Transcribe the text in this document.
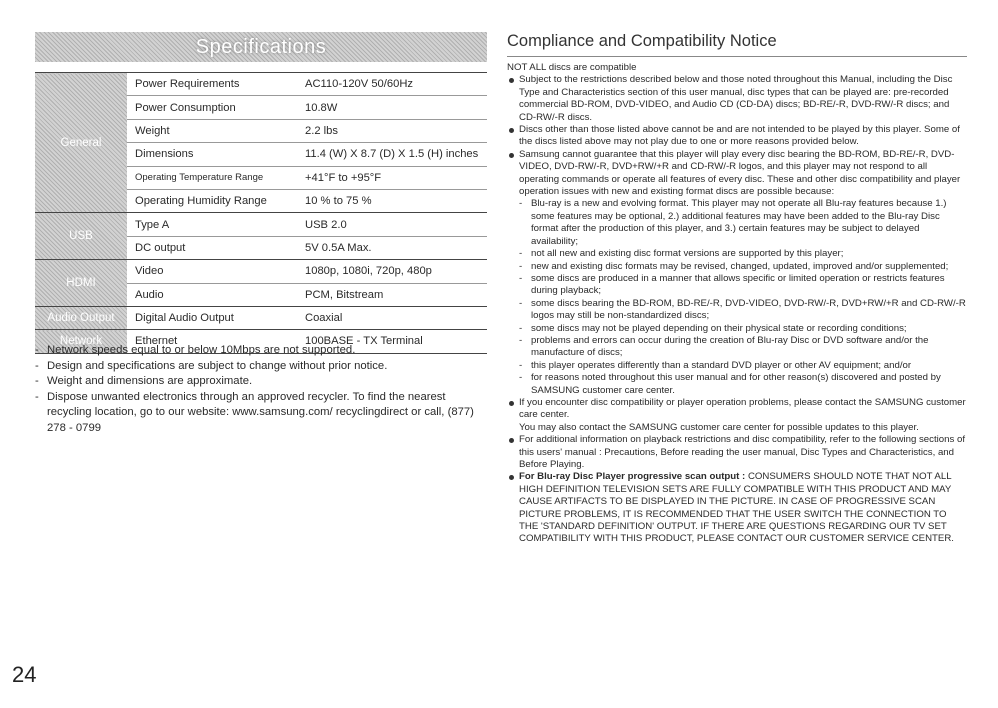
Specifications
General	Power Requirements	AC110-120V 50/60Hz
	Power Consumption	10.8W
	Weight	2.2 lbs
	Dimensions	11.4 (W) X 8.7 (D) X 1.5 (H) inches
	Operating Temperature Range	+41°F to +95°F
	Operating Humidity Range	10 % to 75 %
USB	Type A	USB 2.0
	DC output	5V 0.5A Max.
HDMI	Video	1080p, 1080i, 720p, 480p
	Audio	PCM, Bitstream
Audio Output	Digital Audio Output	Coaxial
Network	Ethernet	100BASE - TX Terminal
- Network speeds equal to or below 10Mbps are not supported.
- Design and specifications are subject to change without prior notice.
- Weight and dimensions are approximate.
- Dispose unwanted electronics through an approved recycler. To find the nearest recycling location, go to our website: www.samsung.com/ recyclingdirect or call, (877) 278 - 0799
24
Compliance and Compatibility Notice

NOT ALL discs are compatible

Subject to the restrictions described below and those noted throughout this Manual, including the Disc Type and Characteristics section of this user manual, disc types that can be played are: pre-recorded commercial BD-ROM, DVD-VIDEO, and Audio CD (CD-DA) discs; BD-RE/-R, DVD-RW/-R discs; and CD-RW/-R discs.
Discs other than those listed above cannot be and are not intended to be played by this player. Some of the discs listed above may not play due to one or more reasons provided below.
Samsung cannot guarantee that this player will play every disc bearing the BD-ROM, BD-RE/-R, DVD-VIDEO, DVD-RW/-R, DVD+RW/+R and CD-RW/-R logos, and this player may not respond to all operating commands or operate all features of every disc. These and other disc compatibility and player operation issues with new and existing format discs are possible because:
- Blu-ray is a new and evolving format. This player may not operate all Blu-ray features because 1.) some features may be optional, 2.) additional features may have been added to the Blu-ray Disc format after the production of this player, and 3.) certain features may be subject to delayed availability;
- not all new and existing disc format versions are supported by this player;
- new and existing disc formats may be revised, changed, updated, improved and/or supplemented;
- some discs are produced in a manner that allows specific or limited operation or restricts features during playback;
- some discs bearing the BD-ROM, BD-RE/-R, DVD-VIDEO, DVD-RW/-R, DVD+RW/+R and CD-RW/-R logos may still be non-standardized discs;
- some discs may not be played depending on their physical state or recording conditions;
- problems and errors can occur during the creation of Blu-ray Disc or DVD software and/or the manufacture of discs;
- this player operates differently than a standard DVD player or other AV equipment; and/or
- for reasons noted throughout this user manual and for other reason(s) discovered and posted by SAMSUNG customer care center.
If you encounter disc compatibility or player operation problems, please contact the SAMSUNG customer care center.
You may also contact the SAMSUNG customer care center for possible updates to this player.
For additional information on playback restrictions and disc compatibility, refer to the following sections of this users' manual : Precautions, Before reading the user manual, Disc Types and Characteristics, and Before Playing.
For Blu-ray Disc Player progressive scan output : CONSUMERS SHOULD NOTE THAT NOT ALL HIGH DEFINITION TELEVISION SETS ARE FULLY COMPATIBLE WITH THIS PRODUCT AND MAY CAUSE ARTIFACTS TO BE DISPLAYED IN THE PICTURE. IN CASE OF PROGRESSIVE SCAN PICTURE PROBLEMS, IT IS RECOMMENDED THAT THE USER SWITCH THE CONNECTION TO THE 'STANDARD DEFINITION' OUTPUT. IF THERE ARE QUESTIONS REGARDING OUR TV SET COMPATIBILITY WITH THIS PRODUCT, PLEASE CONTACT OUR CUSTOMER SERVICE CENTER.
